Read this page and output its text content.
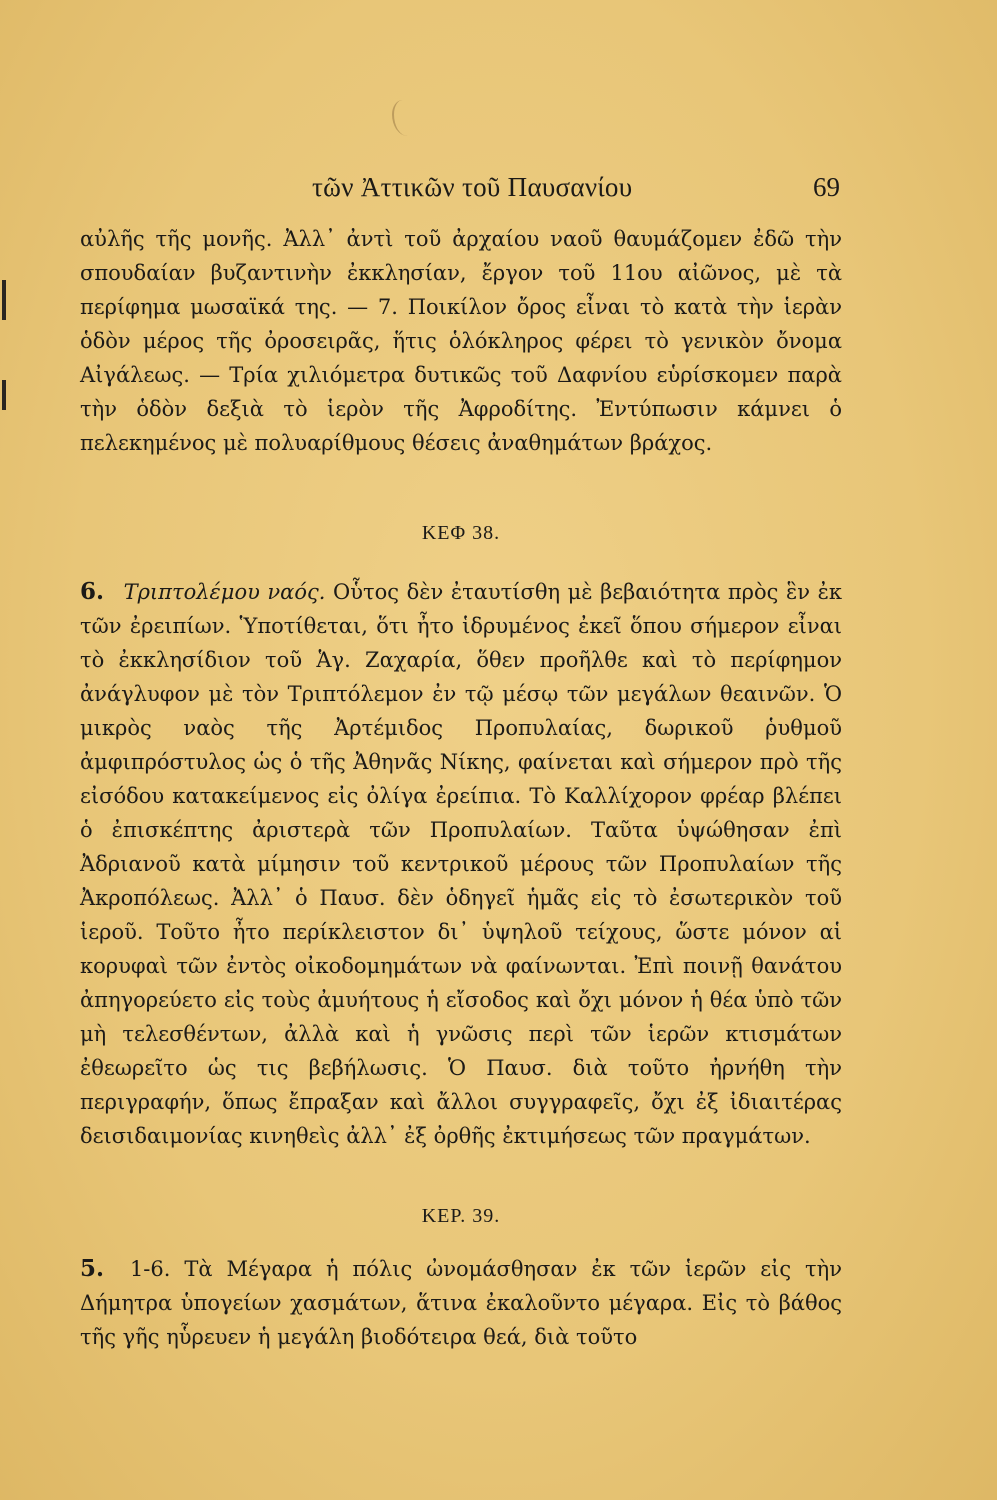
τῶν Ἀττικῶν τοῦ Παυσανίου	69
αὐλῆς τῆς μονῆς. Ἀλλ᾽ ἀντὶ τοῦ ἀρχαίου ναοῦ θαυμάζομεν ἐδῶ τὴν σπουδαίαν βυζαντινὴν ἐκκλησίαν, ἔργον τοῦ 11ου αἰῶνος, μὲ τὰ περίφημα μωσαϊκά της. — 7. Ποικίλον ὄρος εἶναι τὸ κατὰ τὴν ἱερὰν ὁδὸν μέρος τῆς ὀροσειρᾶς, ἥτις ὁλόκληρος φέρει τὸ γενικὸν ὄνομα Αἰγάλεως. — Τρία χιλιόμετρα δυτικῶς τοῦ Δαφνίου εὑρίσκομεν παρὰ τὴν ὁδὸν δεξιὰ τὸ ἱερὸν τῆς Ἀφροδίτης. Ἐντύπωσιν κάμνει ὁ πελεκημένος μὲ πολυαρίθμους θέσεις ἀναθημάτων βράχος.
ΚΕΦ 38.
6. Τριπτολέμου ναός. Οὗτος δὲν ἐταυτίσθη μὲ βεβαιότητα πρὸς ἓν ἐκ τῶν ἐρειπίων. Ὑποτίθεται, ὅτι ἦτο ἱδρυμένος ἐκεῖ ὅπου σήμερον εἶναι τὸ ἐκκλησίδιον τοῦ Ἁγ. Ζαχαρία, ὅθεν προῆλθε καὶ τὸ περίφημον ἀνάγλυφον μὲ τὸν Τριπτόλεμον ἐν τῷ μέσῳ τῶν μεγάλων θεαινῶν. Ὁ μικρὸς ναὸς τῆς Ἀρτέμιδος Προπυλαίας, δωρικοῦ ῥυθμοῦ ἀμφιπρόστυλος ὡς ὁ τῆς Ἀθηνᾶς Νίκης, φαίνεται καὶ σήμερον πρὸ τῆς εἰσόδου κατακείμενος εἰς ὀλίγα ἐρείπια. Τὸ Καλλίχορον φρέαρ βλέπει ὁ ἐπισκέπτης ἀριστερὰ τῶν Προπυλαίων. Ταῦτα ὑψώθησαν ἐπὶ Ἀδριανοῦ κατὰ μίμησιν τοῦ κεντρικοῦ μέρους τῶν Προπυλαίων τῆς Ἀκροπόλεως. Ἀλλ᾽ ὁ Παυσ. δὲν ὁδηγεῖ ἡμᾶς εἰς τὸ ἐσωτερικὸν τοῦ ἱεροῦ. Τοῦτο ἦτο περίκλειστον δι᾽ ὑψηλοῦ τείχους, ὥστε μόνον αἱ κορυφαὶ τῶν ἐντὸς οἰκοδομημάτων νὰ φαίνωνται. Ἐπὶ ποινῇ θανάτου ἀπηγορεύετο εἰς τοὺς ἀμυήτους ἡ εἴσοδος καὶ ὄχι μόνον ἡ θέα ὑπὸ τῶν μὴ τελεσθέντων, ἀλλὰ καὶ ἡ γνῶσις περὶ τῶν ἱερῶν κτισμάτων ἐθεωρεῖτο ὡς τις βεβήλωσις. Ὁ Παυσ. διὰ τοῦτο ἠρνήθη τὴν περιγραφήν, ὅπως ἔπραξαν καὶ ἄλλοι συγγραφεῖς, ὄχι ἐξ ἰδιαιτέρας δεισιδαιμονίας κινηθεὶς ἀλλ᾽ ἐξ ὀρθῆς ἐκτιμήσεως τῶν πραγμάτων.
ΚΕΡ. 39.
5. 1-6. Τὰ Μέγαρα ἡ πόλις ὠνομάσθησαν ἐκ τῶν ἱερῶν εἰς τὴν Δήμητρα ὑπογείων χασμάτων, ἅτινα ἐκαλοῦντο μέγαρα. Εἰς τὸ βάθος τῆς γῆς ηὗρευεν ἡ μεγάλη βιοδότειρα θεά, διὰ τοῦτο
